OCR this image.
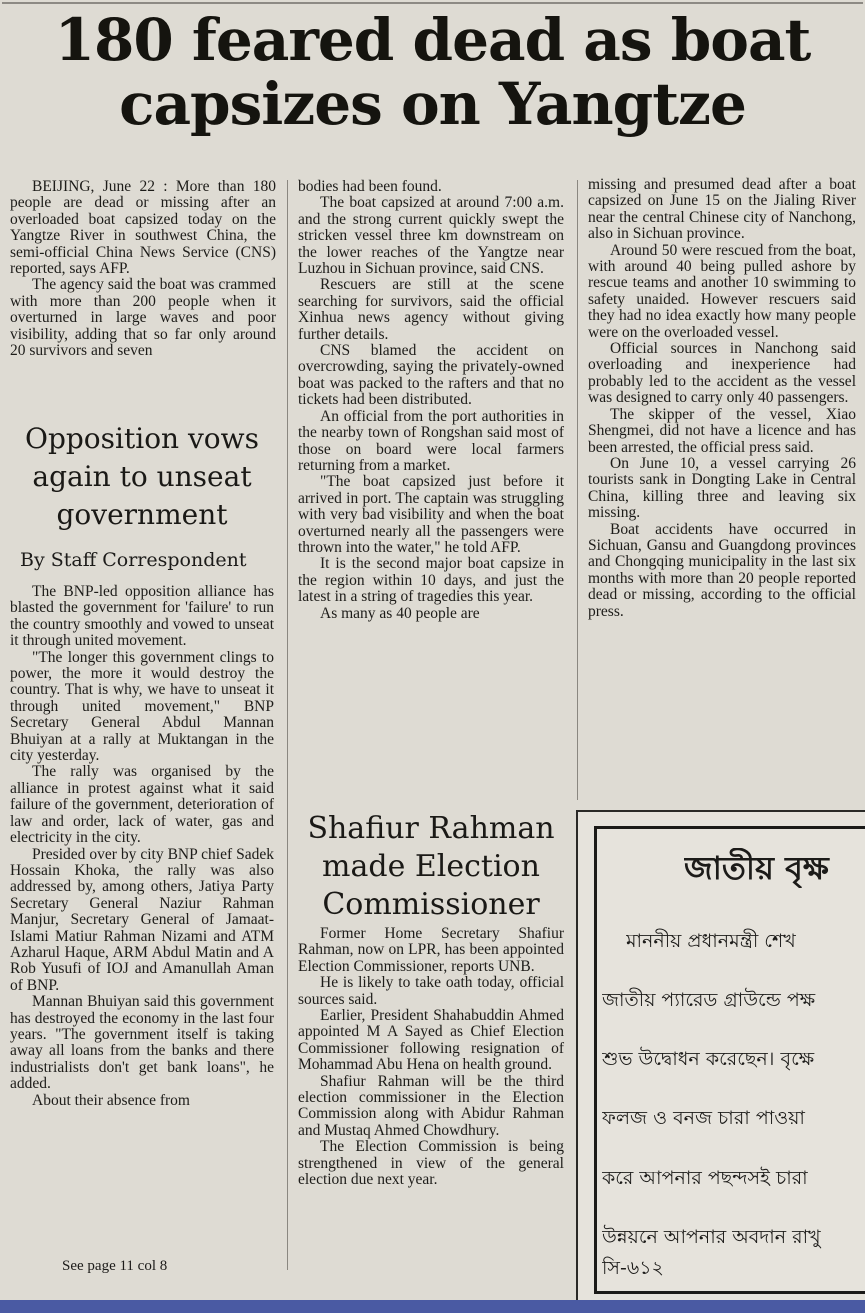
180 feared dead as boat
capsizes on Yangtze

BEIJING, June 22 : More than 180 people are dead or missing after an overloaded boat capsized today on the Yangtze River in southwest China, the semi-official China News Service (CNS) reported, says AFP.

The agency said the boat was crammed with more than 200 people when it overturned in large waves and poor visibility, adding that so far only around 20 survivors and seven

Opposition vows again to unseat government
By Staff Correspondent

The BNP-led opposition alliance has blasted the government for 'failure' to run the country smoothly and vowed to unseat it through united movement.

"The longer this government clings to power, the more it would destroy the country. That is why, we have to unseat it through united movement," BNP Secretary General Abdul Mannan Bhuiyan at a rally at Muktangan in the city yesterday.

The rally was organised by the alliance in protest against what it said failure of the government, deterioration of law and order, lack of water, gas and electricity in the city.

Presided over by city BNP chief Sadek Hossain Khoka, the rally was also addressed by, among others, Jatiya Party Secretary General Naziur Rahman Manjur, Secretary General of Jamaat- Islami Matiur Rahman Nizami and ATM Azharul Haque, ARM Abdul Matin and A Rob Yusufi of IOJ and Amanullah Aman of BNP.

Mannan Bhuiyan said this government has destroyed the economy in the last four years. "The government itself is taking away all loans from the banks and there industrialists don't get bank loans", he added.

About their absence from

See page 11 col 8

bodies had been found.

The boat capsized at around 7:00 a.m. and the strong current quickly swept the stricken vessel three km downstream on the lower reaches of the Yangtze near Luzhou in Sichuan province, said CNS.

Rescuers are still at the scene searching for survivors, said the official Xinhua news agency without giving further details.

CNS blamed the accident on overcrowding, saying the privately-owned boat was packed to the rafters and that no tickets had been distributed.

An official from the port authorities in the nearby town of Rongshan said most of those on board were local farmers returning from a market.

"The boat capsized just before it arrived in port. The captain was struggling with very bad visibility and when the boat overturned nearly all the passengers were thrown into the water," he told AFP.

It is the second major boat capsize in the region within 10 days, and just the latest in a string of tragedies this year.

As many as 40 people are

Shafiur Rahman made Election Commissioner

Former Home Secretary Shafiur Rahman, now on LPR, has been appointed Election Commissioner, reports UNB.

He is likely to take oath today, official sources said.

Earlier, President Shahabuddin Ahmed appointed M A Sayed as Chief Election Commissioner following resignation of Mohammad Abu Hena on health ground.

Shafiur Rahman will be the third election commissioner in the Election Commission along with Abidur Rahman and Mustaq Ahmed Chowdhury.

The Election Commission is being strengthened in view of the general election due next year.

missing and presumed dead after a boat capsized on June 15 on the Jialing River near the central Chinese city of Nanchong, also in Sichuan province.

Around 50 were rescued from the boat, with around 40 being pulled ashore by rescue teams and another 10 swimming to safety unaided. However rescuers said they had no idea exactly how many people were on the overloaded vessel.

Official sources in Nanchong said overloading and inexperience had probably led to the accident as the vessel was designed to carry only 40 passengers.

The skipper of the vessel, Xiao Shengmei, did not have a licence and has been arrested, the official press said.

On June 10, a vessel carrying 26 tourists sank in Dongting Lake in Central China, killing three and leaving six missing.

Boat accidents have occurred in Sichuan, Gansu and Guangdong provinces and Chongqing municipality in the last six months with more than 20 people reported dead or missing, according to the official press.

জাতীয় বৃক্ষ
মাননীয় প্রধানমন্ত্রী শেখ
জাতীয় প্যারেড গ্রাউন্ডে পক্ষ
শুভ উদ্বোধন করেছেন। বৃক্ষে
ফলজ ও বনজ চারা পাওয়া
করে আপনার পছন্দসই চারা
উন্নয়নে আপনার অবদান রাখু
সি-৬১২
